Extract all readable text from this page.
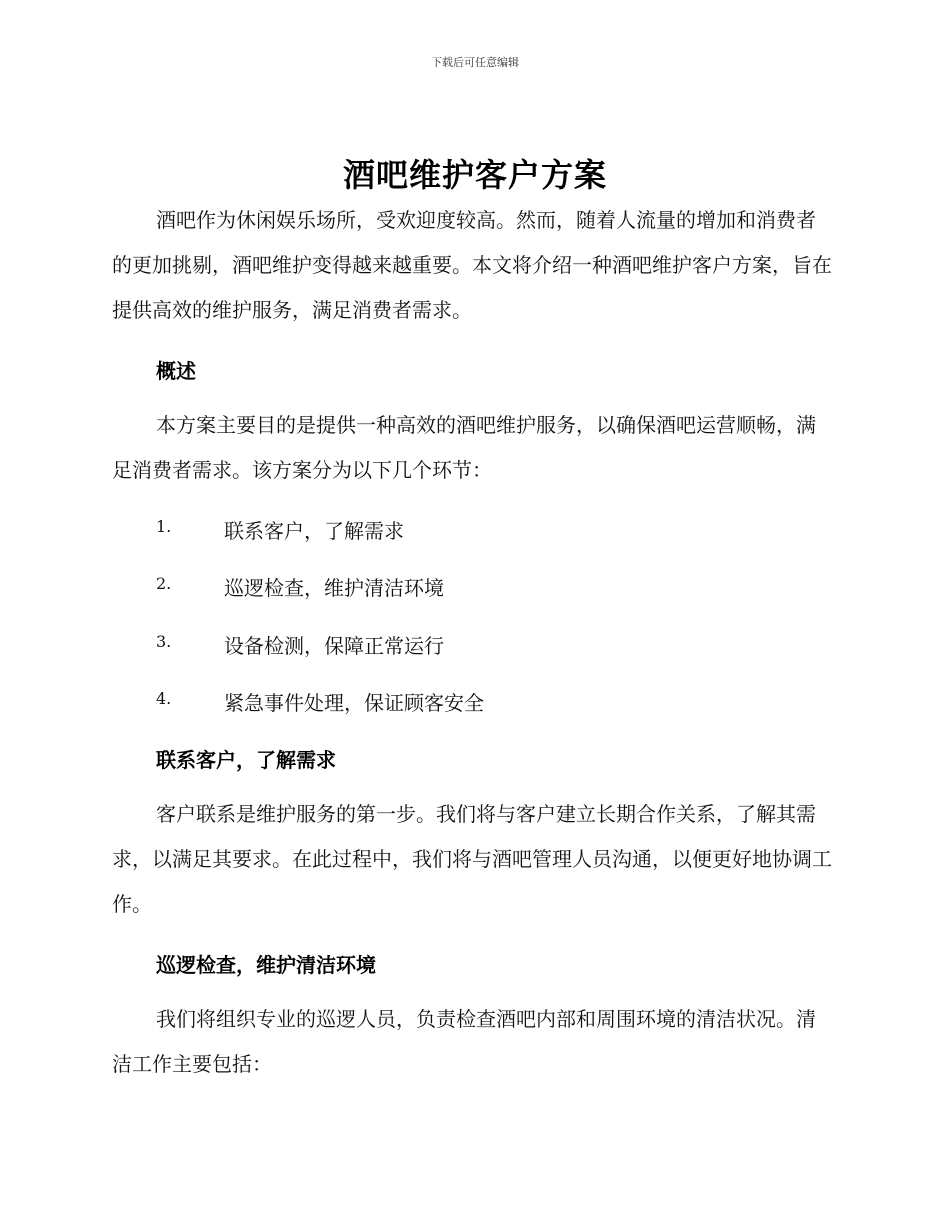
下载后可任意编辑
酒吧维护客户方案

酒吧作为休闲娱乐场所，受欢迎度较高。然而，随着人流量的增加和消费者的更加挑剔，酒吧维护变得越来越重要。本文将介绍一种酒吧维护客户方案，旨在提供高效的维护服务，满足消费者需求。

概述

本方案主要目的是提供一种高效的酒吧维护服务，以确保酒吧运营顺畅，满足消费者需求。该方案分为以下几个环节：

1.	联系客户，了解需求
2.	巡逻检查，维护清洁环境
3.	设备检测，保障正常运行
4.	紧急事件处理，保证顾客安全
联系客户，了解需求

客户联系是维护服务的第一步。我们将与客户建立长期合作关系，了解其需求，以满足其要求。在此过程中，我们将与酒吧管理人员沟通，以便更好地协调工作。

巡逻检查，维护清洁环境

我们将组织专业的巡逻人员，负责检查酒吧内部和周围环境的清洁状况。清洁工作主要包括：
